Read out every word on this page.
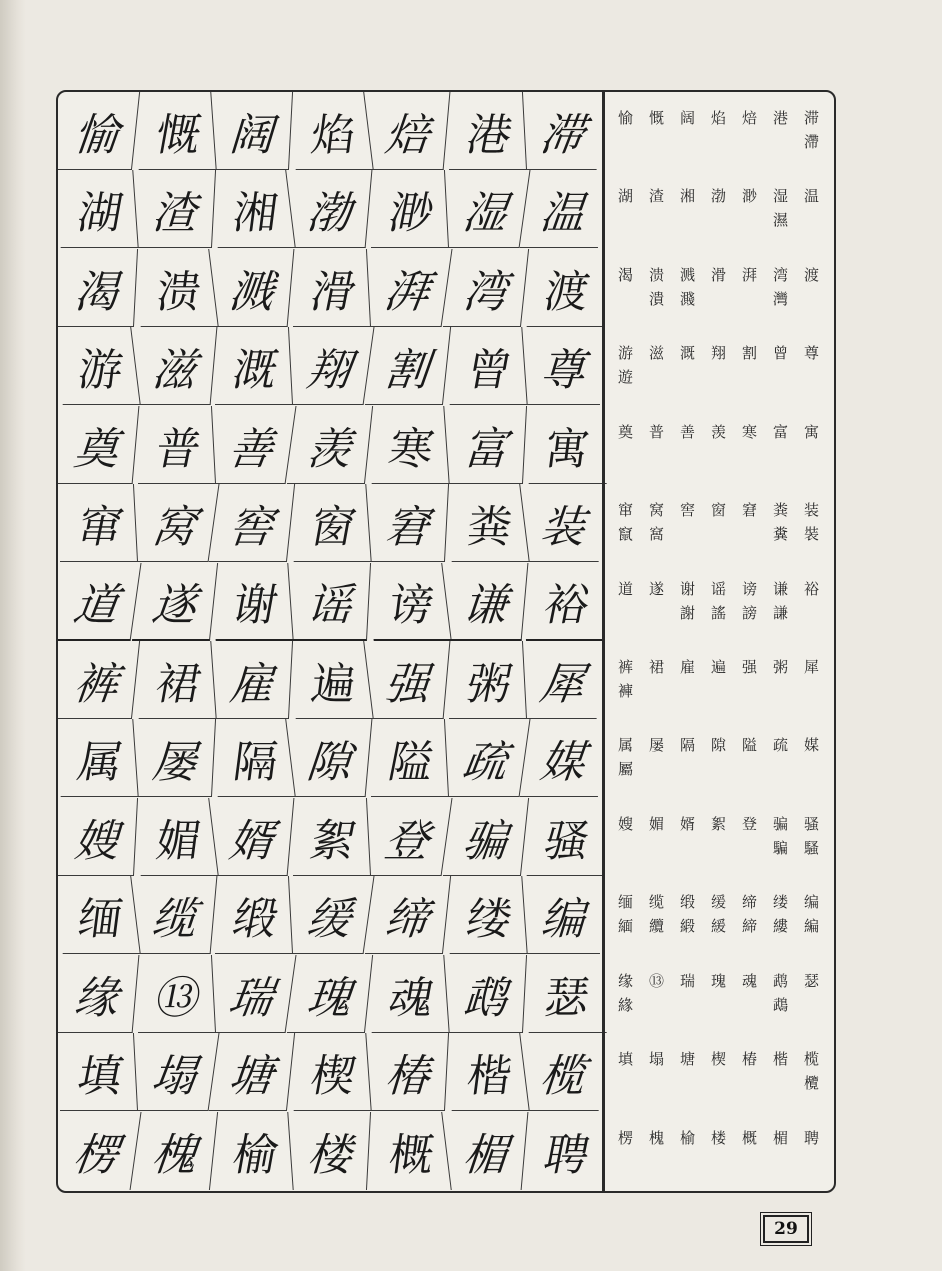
愉 慨 阔 焰 焙 港 滞
湖 渣 湘 渤 渺 湿 温
渴 溃 溅 滑 湃 湾 渡
游 滋 溉 翔 割 曾 尊
奠 普 善 羡 寒 富 寓
窜 窝 窖 窗 窘 粪 装
道 遂 谢 谣 谤 谦 裕
裤 裙 雇 遍 强 粥 犀
属 屡 隔 隙 隘 疏 媒
嫂 媚 婿 絮 登 骗 骚
缅 缆 缎 缓 缔 缕 编
缘 ⑬ 瑞 瑰 魂 鹉 瑟
填 塌 塘 楔 椿 楷 榄
楞 槐 榆 楼 概 楣 聘
滞
滯
港
焙
焰
阔
慨
愉
温
湿
濕
渺
渤
湘
渣
湖
渡
湾
灣
湃
滑
溅
濺
溃
潰
渴
尊
曾
割
翔
溉
滋
游
遊
寓
富
寒
羡
善
普
奠
装
裝
粪
糞
窘
窗
窖
窝
窩
窜
竄
裕
谦
謙
谤
謗
谣
謠
谢
謝
遂
道
犀
粥
强
遍
雇
裙
裤
褲
媒
疏
隘
隙
隔
屡
属
屬
骚
騷
骗
騙
登
絮
婿
媚
嫂
编
編
缕
縷
缔
締
缓
緩
缎
緞
缆
纜
缅
緬
瑟
鹉
鵡
魂
瑰
瑞
⑬
缘
緣
榄
欖
楷
椿
楔
塘
塌
填
聘
楣
概
楼
榆
槐
楞
29
